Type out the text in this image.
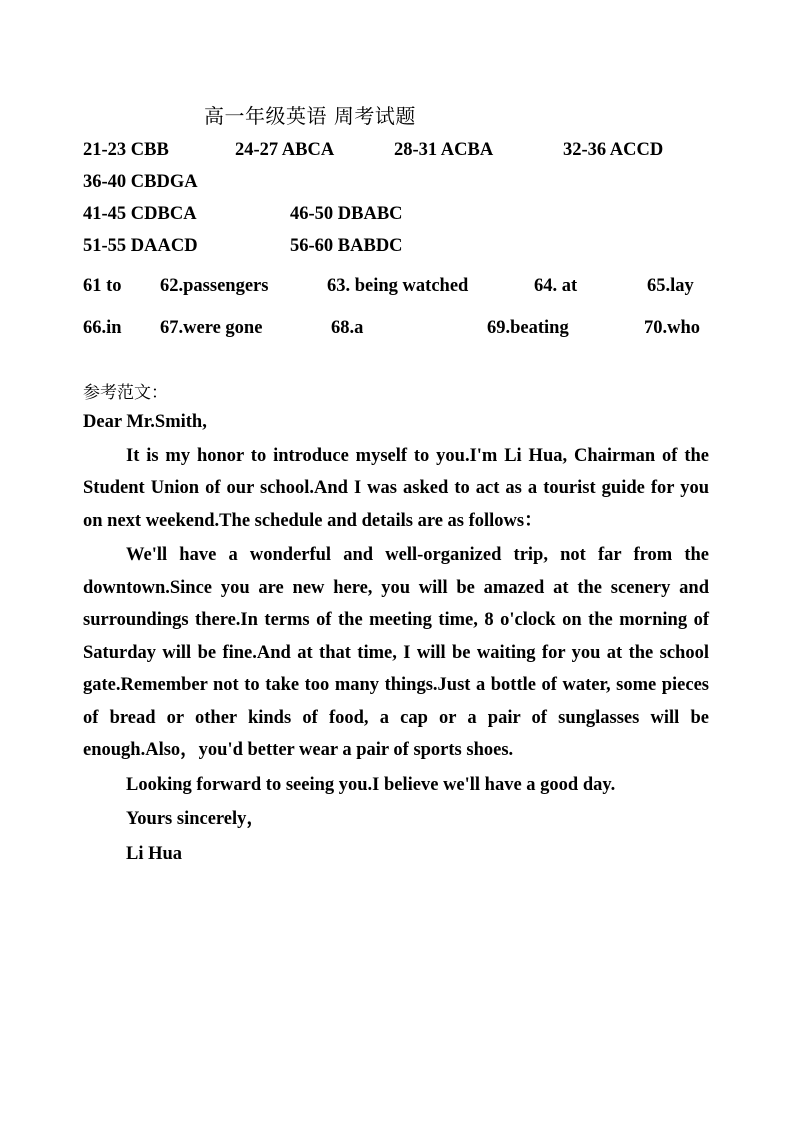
高一年级英语 周考试题
21-23 CBB	24-27 ABCA	28-31 ACBA	32-36 ACCD
36-40 CBDGA
41-45 CDBCA	46-50 DBABC
51-55 DAACD	56-60 BABDC
61 to 62.passengers	63. being watched	64. at	65.lay
66.in 67.were gone	68.a	69.beating	70.who
参考范文：

Dear Mr.Smith,

It is my honor to introduce myself to you.I'm Li Hua, Chairman of the Student Union of our school.And I was asked to act as a tourist guide for you on next weekend.The schedule and details are as follows：

We'll have a wonderful and well-organized trip, not far from the downtown.Since you are new here, you will be amazed at the scenery and surroundings there.In terms of the meeting time, 8 o'clock on the morning of Saturday will be fine.And at that time, I will be waiting for you at the school gate.Remember not to take too many things.Just a bottle of water, some pieces of bread or other kinds of food, a cap or a pair of sunglasses will be enough.Also，you'd better wear a pair of sports shoes.

Looking forward to seeing you.I believe we'll have a good day.

Yours sincerely，

Li Hua
